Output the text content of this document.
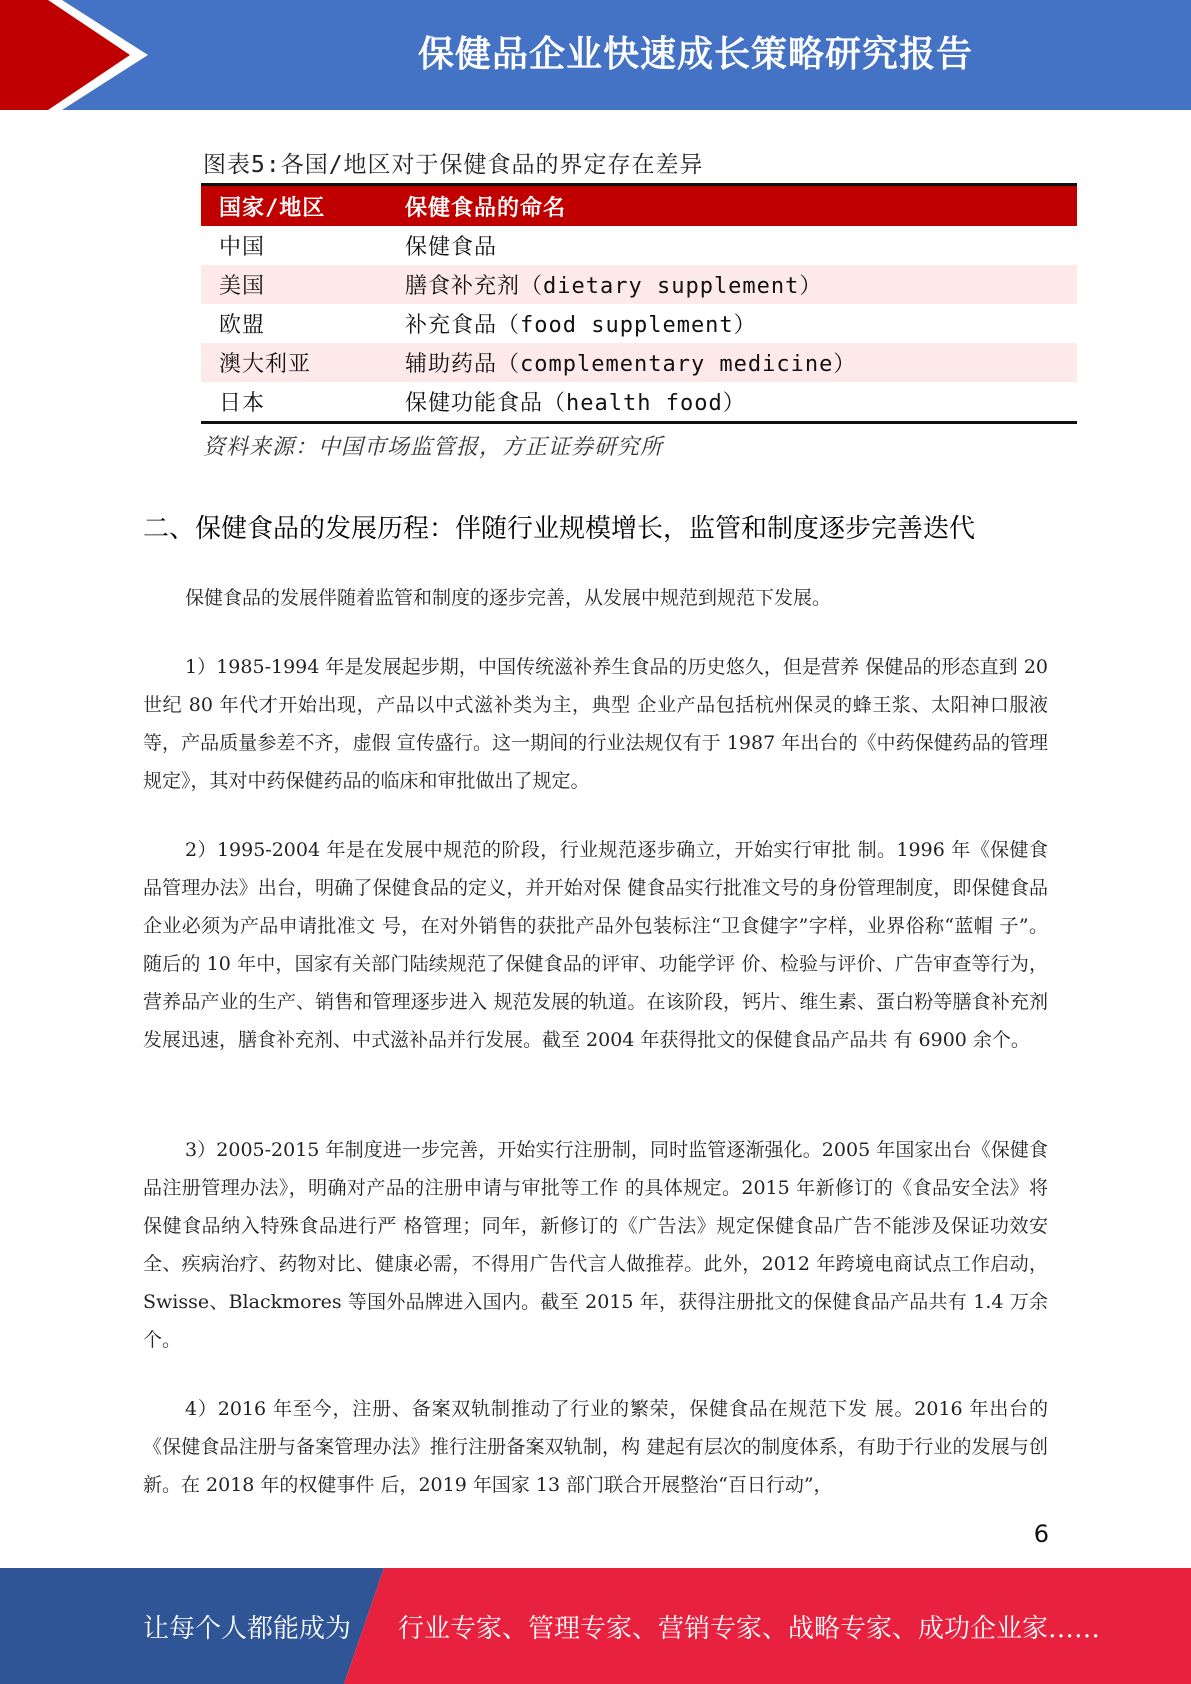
保健品企业快速成长策略研究报告
图表5:各国/地区对于保健食品的界定存在差异
国家/地区	保健食品的命名
中国	保健食品
美国	膳食补充剂（dietary supplement）
欧盟	补充食品（food supplement）
澳大利亚	辅助药品（complementary medicine）
日本	保健功能食品（health food）
资料来源：中国市场监管报，方正证券研究所
二、保健食品的发展历程：伴随行业规模增长，监管和制度逐步完善迭代
保健食品的发展伴随着监管和制度的逐步完善，从发展中规范到规范下发展。
1）1985-1994 年是发展起步期，中国传统滋补养生食品的历史悠久，但是营养 保健品的形态直到 20 世纪 80 年代才开始出现，产品以中式滋补类为主，典型 企业产品包括杭州保灵的蜂王浆、太阳神口服液等，产品质量参差不齐，虚假 宣传盛行。这一期间的行业法规仅有于 1987 年出台的《中药保健药品的管理 规定》，其对中药保健药品的临床和审批做出了规定。
2）1995-2004 年是在发展中规范的阶段，行业规范逐步确立，开始实行审批 制。1996 年《保健食品管理办法》出台，明确了保健食品的定义，并开始对保 健食品实行批准文号的身份管理制度，即保健食品企业必须为产品申请批准文 号，在对外销售的获批产品外包装标注“卫食健字”字样，业界俗称“蓝帽 子”。随后的 10 年中，国家有关部门陆续规范了保健食品的评审、功能学评 价、检验与评价、广告审查等行为，营养品产业的生产、销售和管理逐步进入 规范发展的轨道。在该阶段，钙片、维生素、蛋白粉等膳食补充剂发展迅速，膳食补充剂、中式滋补品并行发展。截至 2004 年获得批文的保健食品产品共 有 6900 余个。
3）2005-2015 年制度进一步完善，开始实行注册制，同时监管逐渐强化。2005 年国家出台《保健食品注册管理办法》，明确对产品的注册申请与审批等工作 的具体规定。2015 年新修订的《食品安全法》将保健食品纳入特殊食品进行严 格管理；同年，新修订的《广告法》规定保健食品广告不能涉及保证功效安 全、疾病治疗、药物对比、健康必需，不得用广告代言人做推荐。此外，2012 年跨境电商试点工作启动，Swisse、Blackmores 等国外品牌进入国内。截至 2015 年，获得注册批文的保健食品产品共有 1.4 万余个。
4）2016 年至今，注册、备案双轨制推动了行业的繁荣，保健食品在规范下发 展。2016 年出台的《保健食品注册与备案管理办法》推行注册备案双轨制，构 建起有层次的制度体系，有助于行业的发展与创新。在 2018 年的权健事件 后，2019 年国家 13 部门联合开展整治“百日行动”，
6
让每个人都能成为 行业专家、管理专家、营销专家、战略专家、成功企业家……
